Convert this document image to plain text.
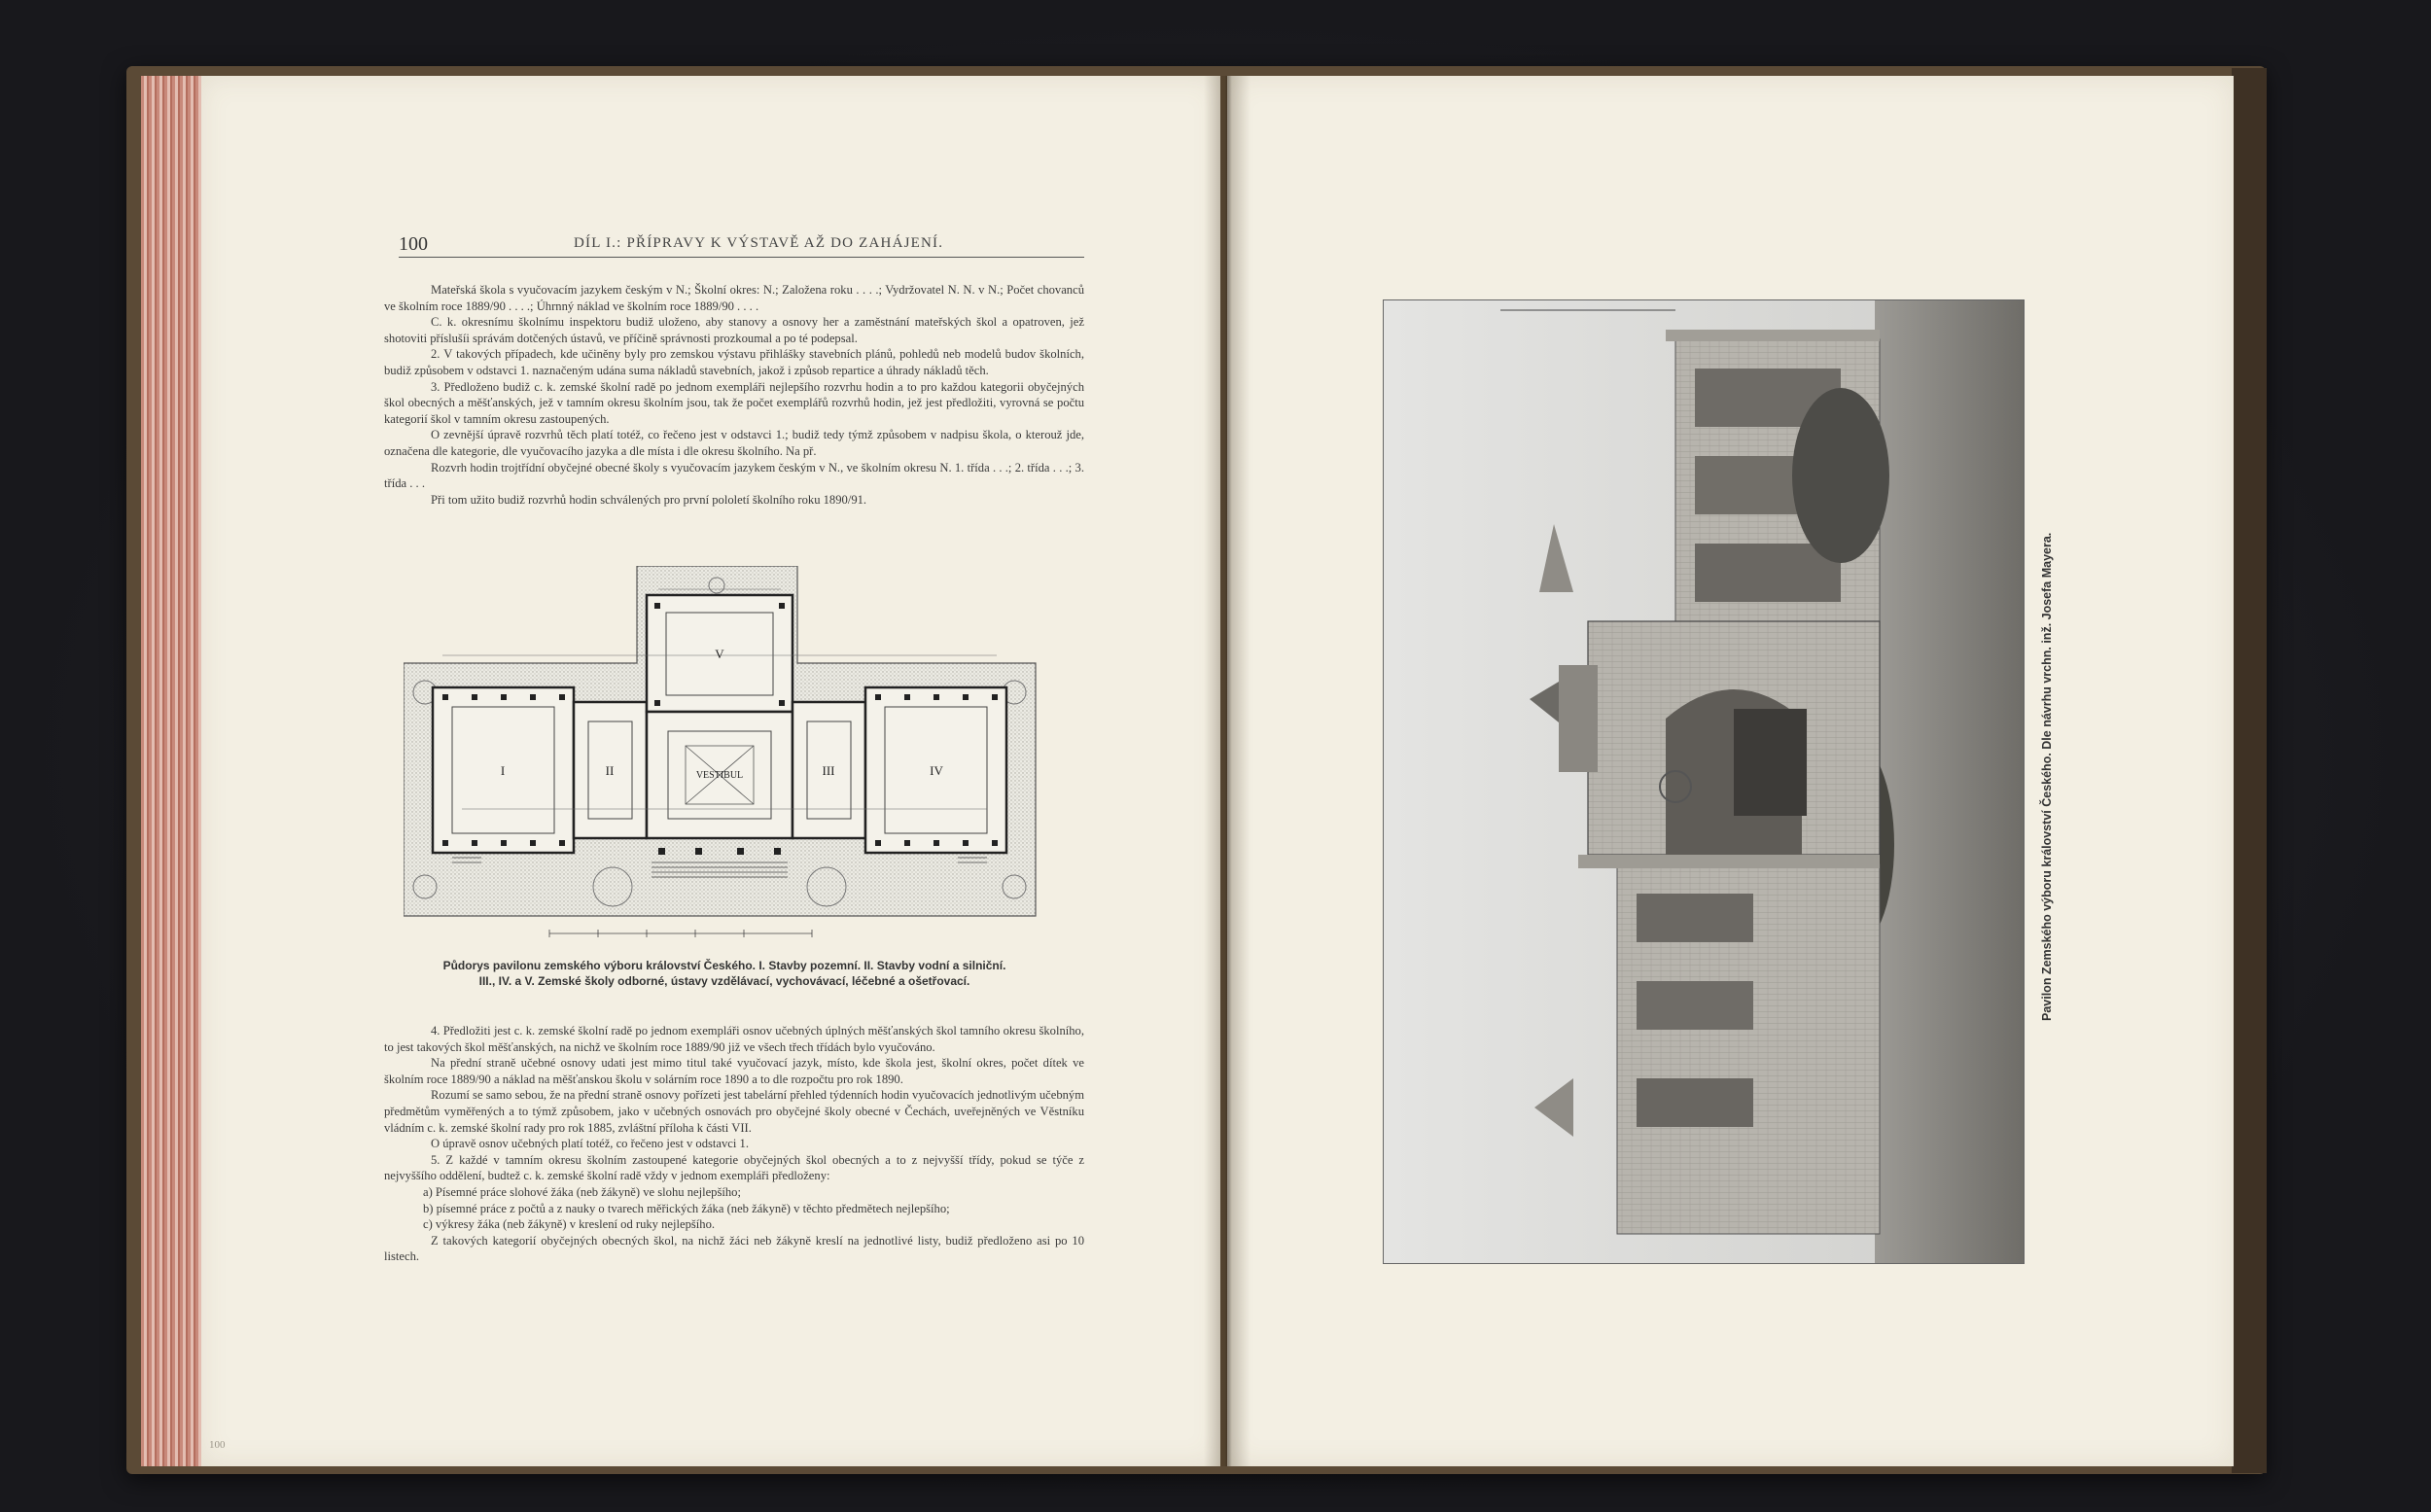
100	DÍL I.: PŘÍPRAVY K VÝSTAVĚ AŽ DO ZAHÁJENÍ.

Mateřská škola s vyučovacím jazykem českým v N.; Školní okres: N.; Založena roku . . . .; Vydržovatel N. N. v N.; Počet chovanců ve školním roce 1889/90 . . . .; Úhrnný náklad ve školním roce 1889/90 . . . .

C. k. okresnímu školnímu inspektoru budiž uloženo, aby stanovy a osnovy her a zaměstnání mateřských škol a opatroven, jež shotoviti příslušíi správám dotčených ústavů, ve příčině správnosti prozkoumal a po té podepsal.

2. V takových případech, kde učiněny byly pro zemskou výstavu přihlášky stavebních plánů, pohledů neb modelů budov školních, budiž způsobem v odstavci 1. naznačeným udána suma nákladů stavebních, jakož i způsob repartice a úhrady nákladů těch.

3. Předloženo budiž c. k. zemské školní radě po jednom exempláři nejlepšího rozvrhu hodin a to pro každou kategorii obyčejných škol obecných a měšťanských, jež v tamním okresu školním jsou, tak že počet exemplářů rozvrhů hodin, jež jest předložiti, vyrovná se počtu kategorií škol v tamním okresu zastoupených.

O zevnější úpravě rozvrhů těch platí totéž, co řečeno jest v odstavci 1.; budiž tedy týmž způsobem v nadpisu škola, o kterouž jde, označena dle kategorie, dle vyučovacího jazyka a dle místa i dle okresu školního. Na př.

Rozvrh hodin trojtřídní obyčejné obecné školy s vyučovacím jazykem českým v N., ve školním okresu N. 1. třída . . .; 2. třída . . .; 3. třída . . .

Při tom užito budiž rozvrhů hodin schválených pro první pololetí školního roku 1890/91.

I	II	VESTIBUL	III	IV
V
Půdorys pavilonu zemského výboru království Českého. I. Stavby pozemní. II. Stavby vodní a silniční.
III., IV. a V. Zemské školy odborné, ústavy vzdělávací, vychovávací, léčebné a ošetřovací.

4. Předložiti jest c. k. zemské školní radě po jednom exempláři osnov učebných úplných měšťanských škol tamního okresu školního, to jest takových škol měšťanských, na nichž ve školním roce 1889/90 již ve všech třech třídách bylo vyučováno.

Na přední straně učebné osnovy udati jest mimo titul také vyučovací jazyk, místo, kde škola jest, školní okres, počet dítek ve školním roce 1889/90 a náklad na měšťanskou školu v solárním roce 1890 a to dle rozpočtu pro rok 1890.

Rozumí se samo sebou, že na přední straně osnovy pořízeti jest tabelární přehled týdenních hodin vyučovacích jednotlivým učebným předmětům vyměřených a to týmž způsobem, jako v učebných osnovách pro obyčejné školy obecné v Čechách, uveřejněných ve Věstníku vládním c. k. zemské školní rady pro rok 1885, zvláštní příloha k části VII.

O úpravě osnov učebných platí totéž, co řečeno jest v odstavci 1.

5. Z každé v tamním okresu školním zastoupené kategorie obyčejných škol obecných a to z nejvyšší třídy, pokud se týče z nejvyššího oddělení, budtež c. k. zemské školní radě vždy v jednom exempláři předloženy:

a) Písemné práce slohové žáka (neb žákyně) ve slohu nejlepšího;

b) písemné práce z počtů a z nauky o tvarech měřických žáka (neb žákyně) v těchto předmětech nejlepšího;

c) výkresy žáka (neb žákyně) v kreslení od ruky nejlepšího.

Z takových kategorií obyčejných obecných škol, na nichž žáci neb žákyně kreslí na jednotlivé listy, budiž předloženo asi po 10 listech.

100
Pavilon Zemského výboru království Českého. Dle návrhu vrchn. inž. Josefa Mayera.
